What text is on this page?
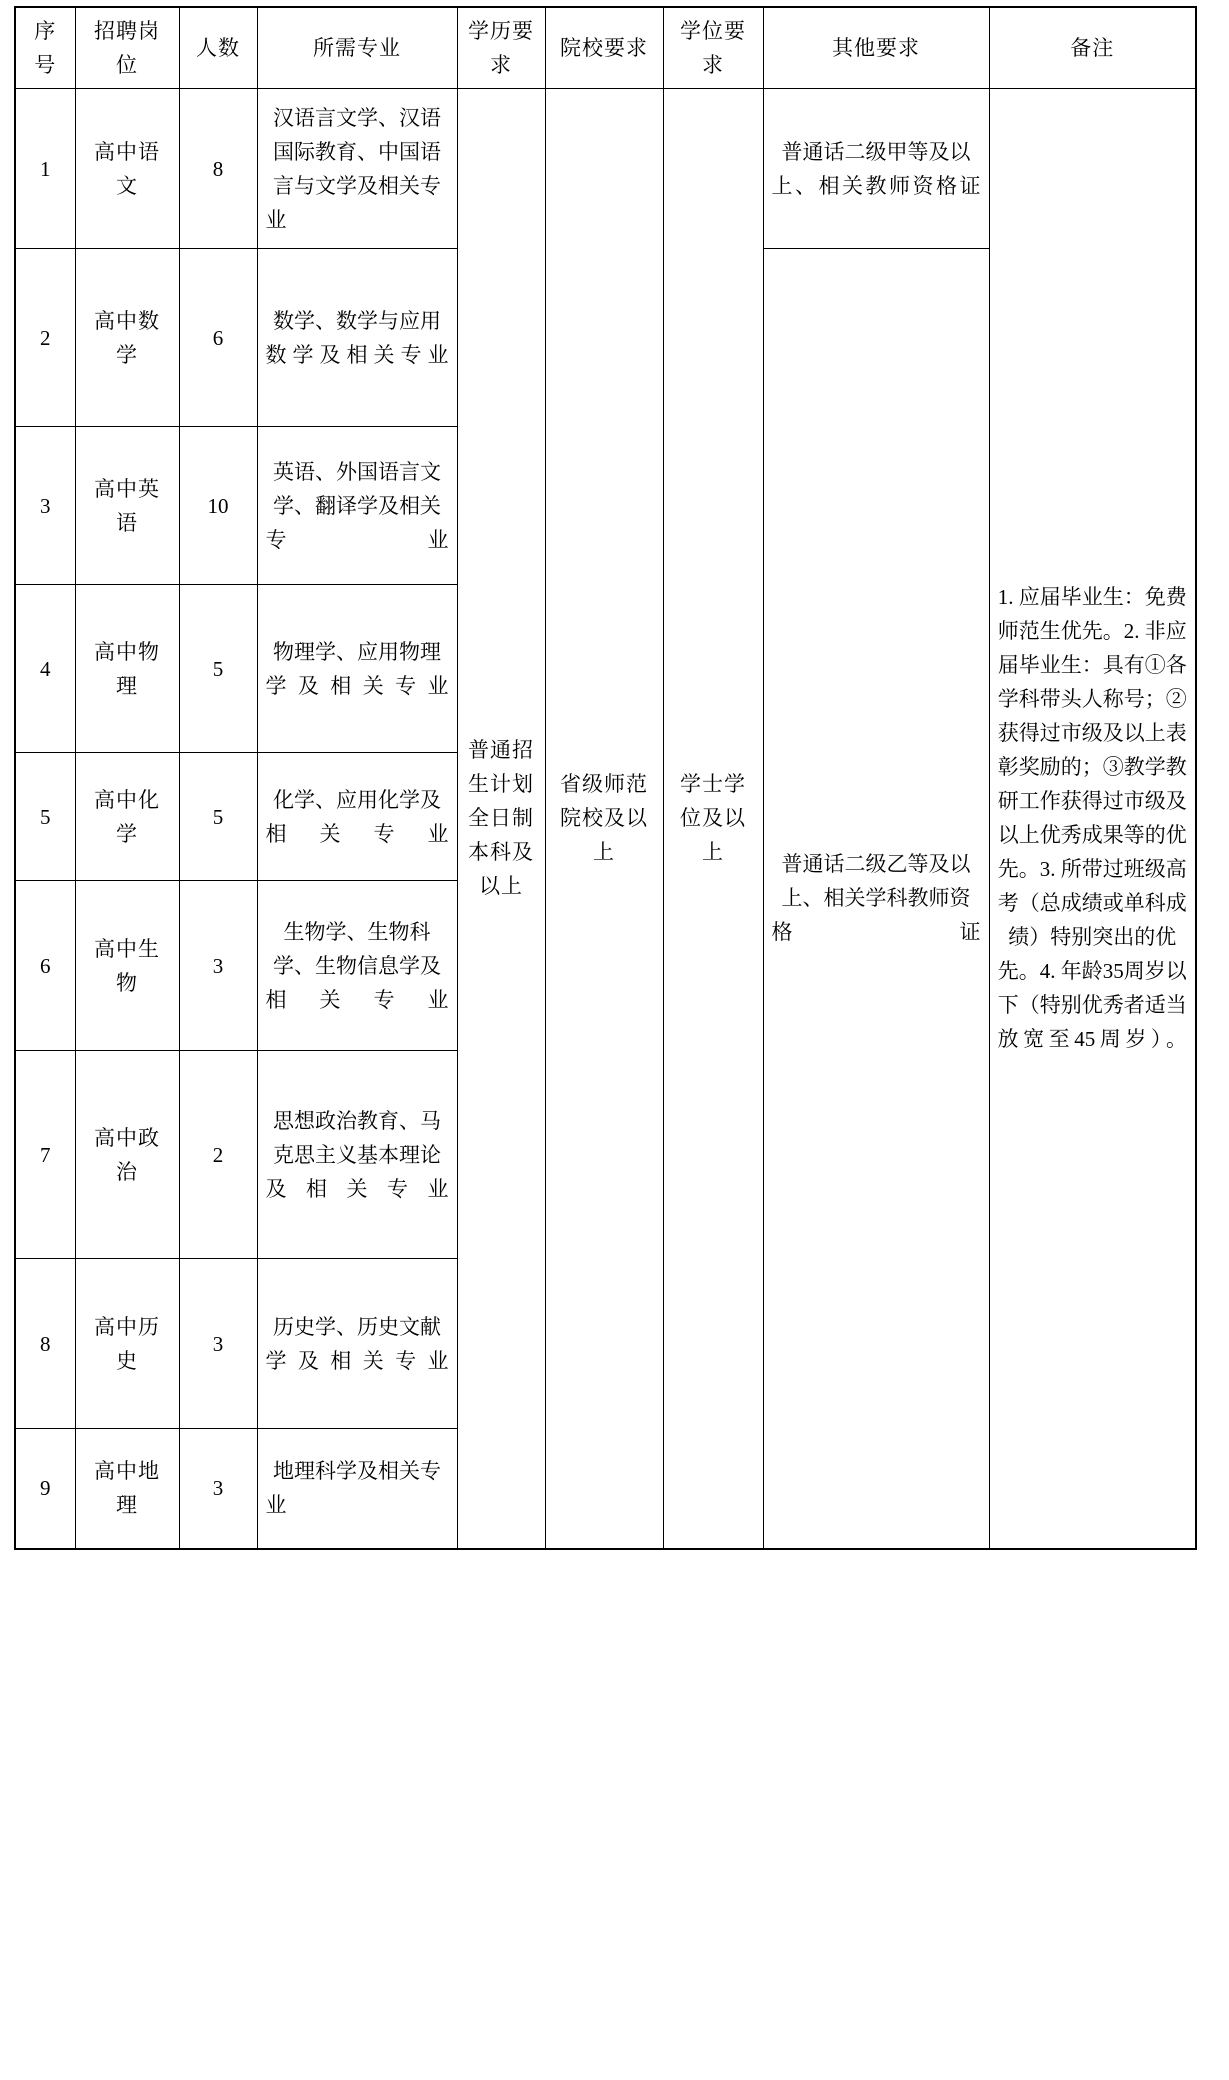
序号	招聘岗位	人数	所需专业	学历要求	院校要求	学位要求	其他要求	备注
1	高中语文	8	汉语言文学、汉语国际教育、中国语言与文学及相关专业	普通招生计划全日制本科及以上	省级师范院校及以上	学士学位及以上	普通话二级甲等及以上、相关教师资格证	1. 应届毕业生：免费师范生优先。2. 非应届毕业生：具有①各学科带头人称号；②获得过市级及以上表彰奖励的；③教学教研工作获得过市级及以上优秀成果等的优先。3. 所带过班级高考（总成绩或单科成绩）特别突出的优先。4. 年龄35周岁以下（特别优秀者适当放宽至45周岁）。
2	高中数学	6	数学、数学与应用数学及相关专业				普通话二级乙等及以上、相关学科教师资格证	
3	高中英语	10	英语、外国语言文学、翻译学及相关专业					
4	高中物理	5	物理学、应用物理学及相关专业					
5	高中化学	5	化学、应用化学及相关专业					
6	高中生物	3	生物学、生物科学、生物信息学及相关专业					
7	高中政治	2	思想政治教育、马克思主义基本理论及相关专业					
8	高中历史	3	历史学、历史文献学及相关专业					
9	高中地理	3	地理科学及相关专业					
